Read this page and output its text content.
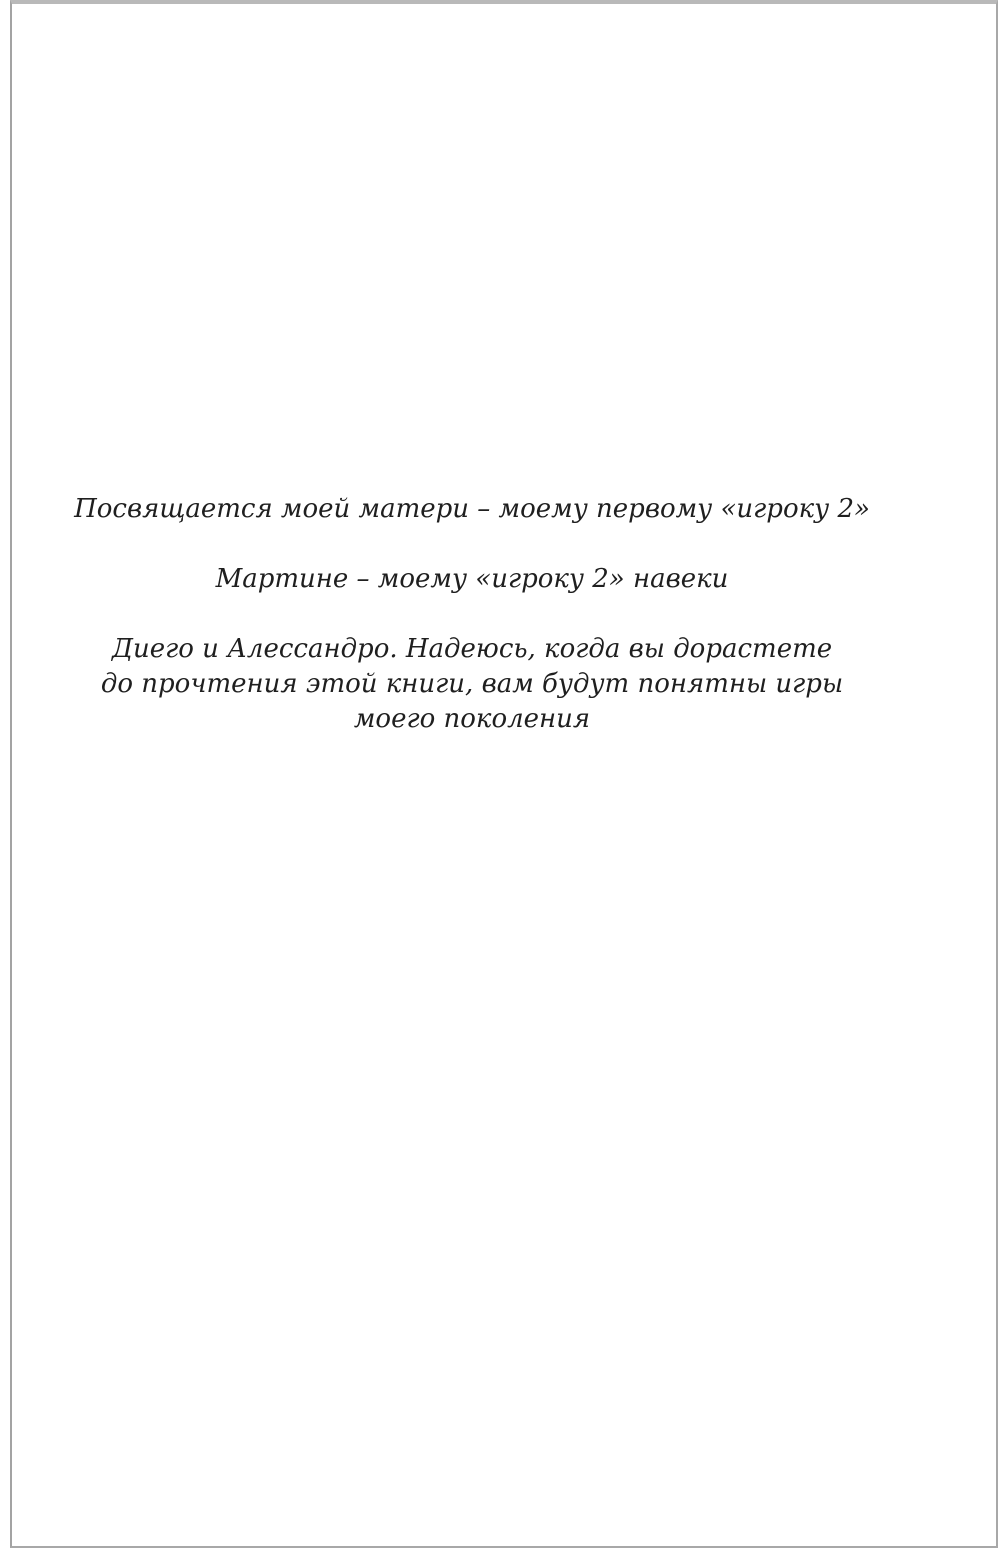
Посвящается моей матери – моему первому «игроку 2»

Мартине – моему «игроку 2» навеки

Диего и Алессандро. Надеюсь, когда вы дорастете
до прочтения этой книги, вам будут понятны игры
моего поколения
